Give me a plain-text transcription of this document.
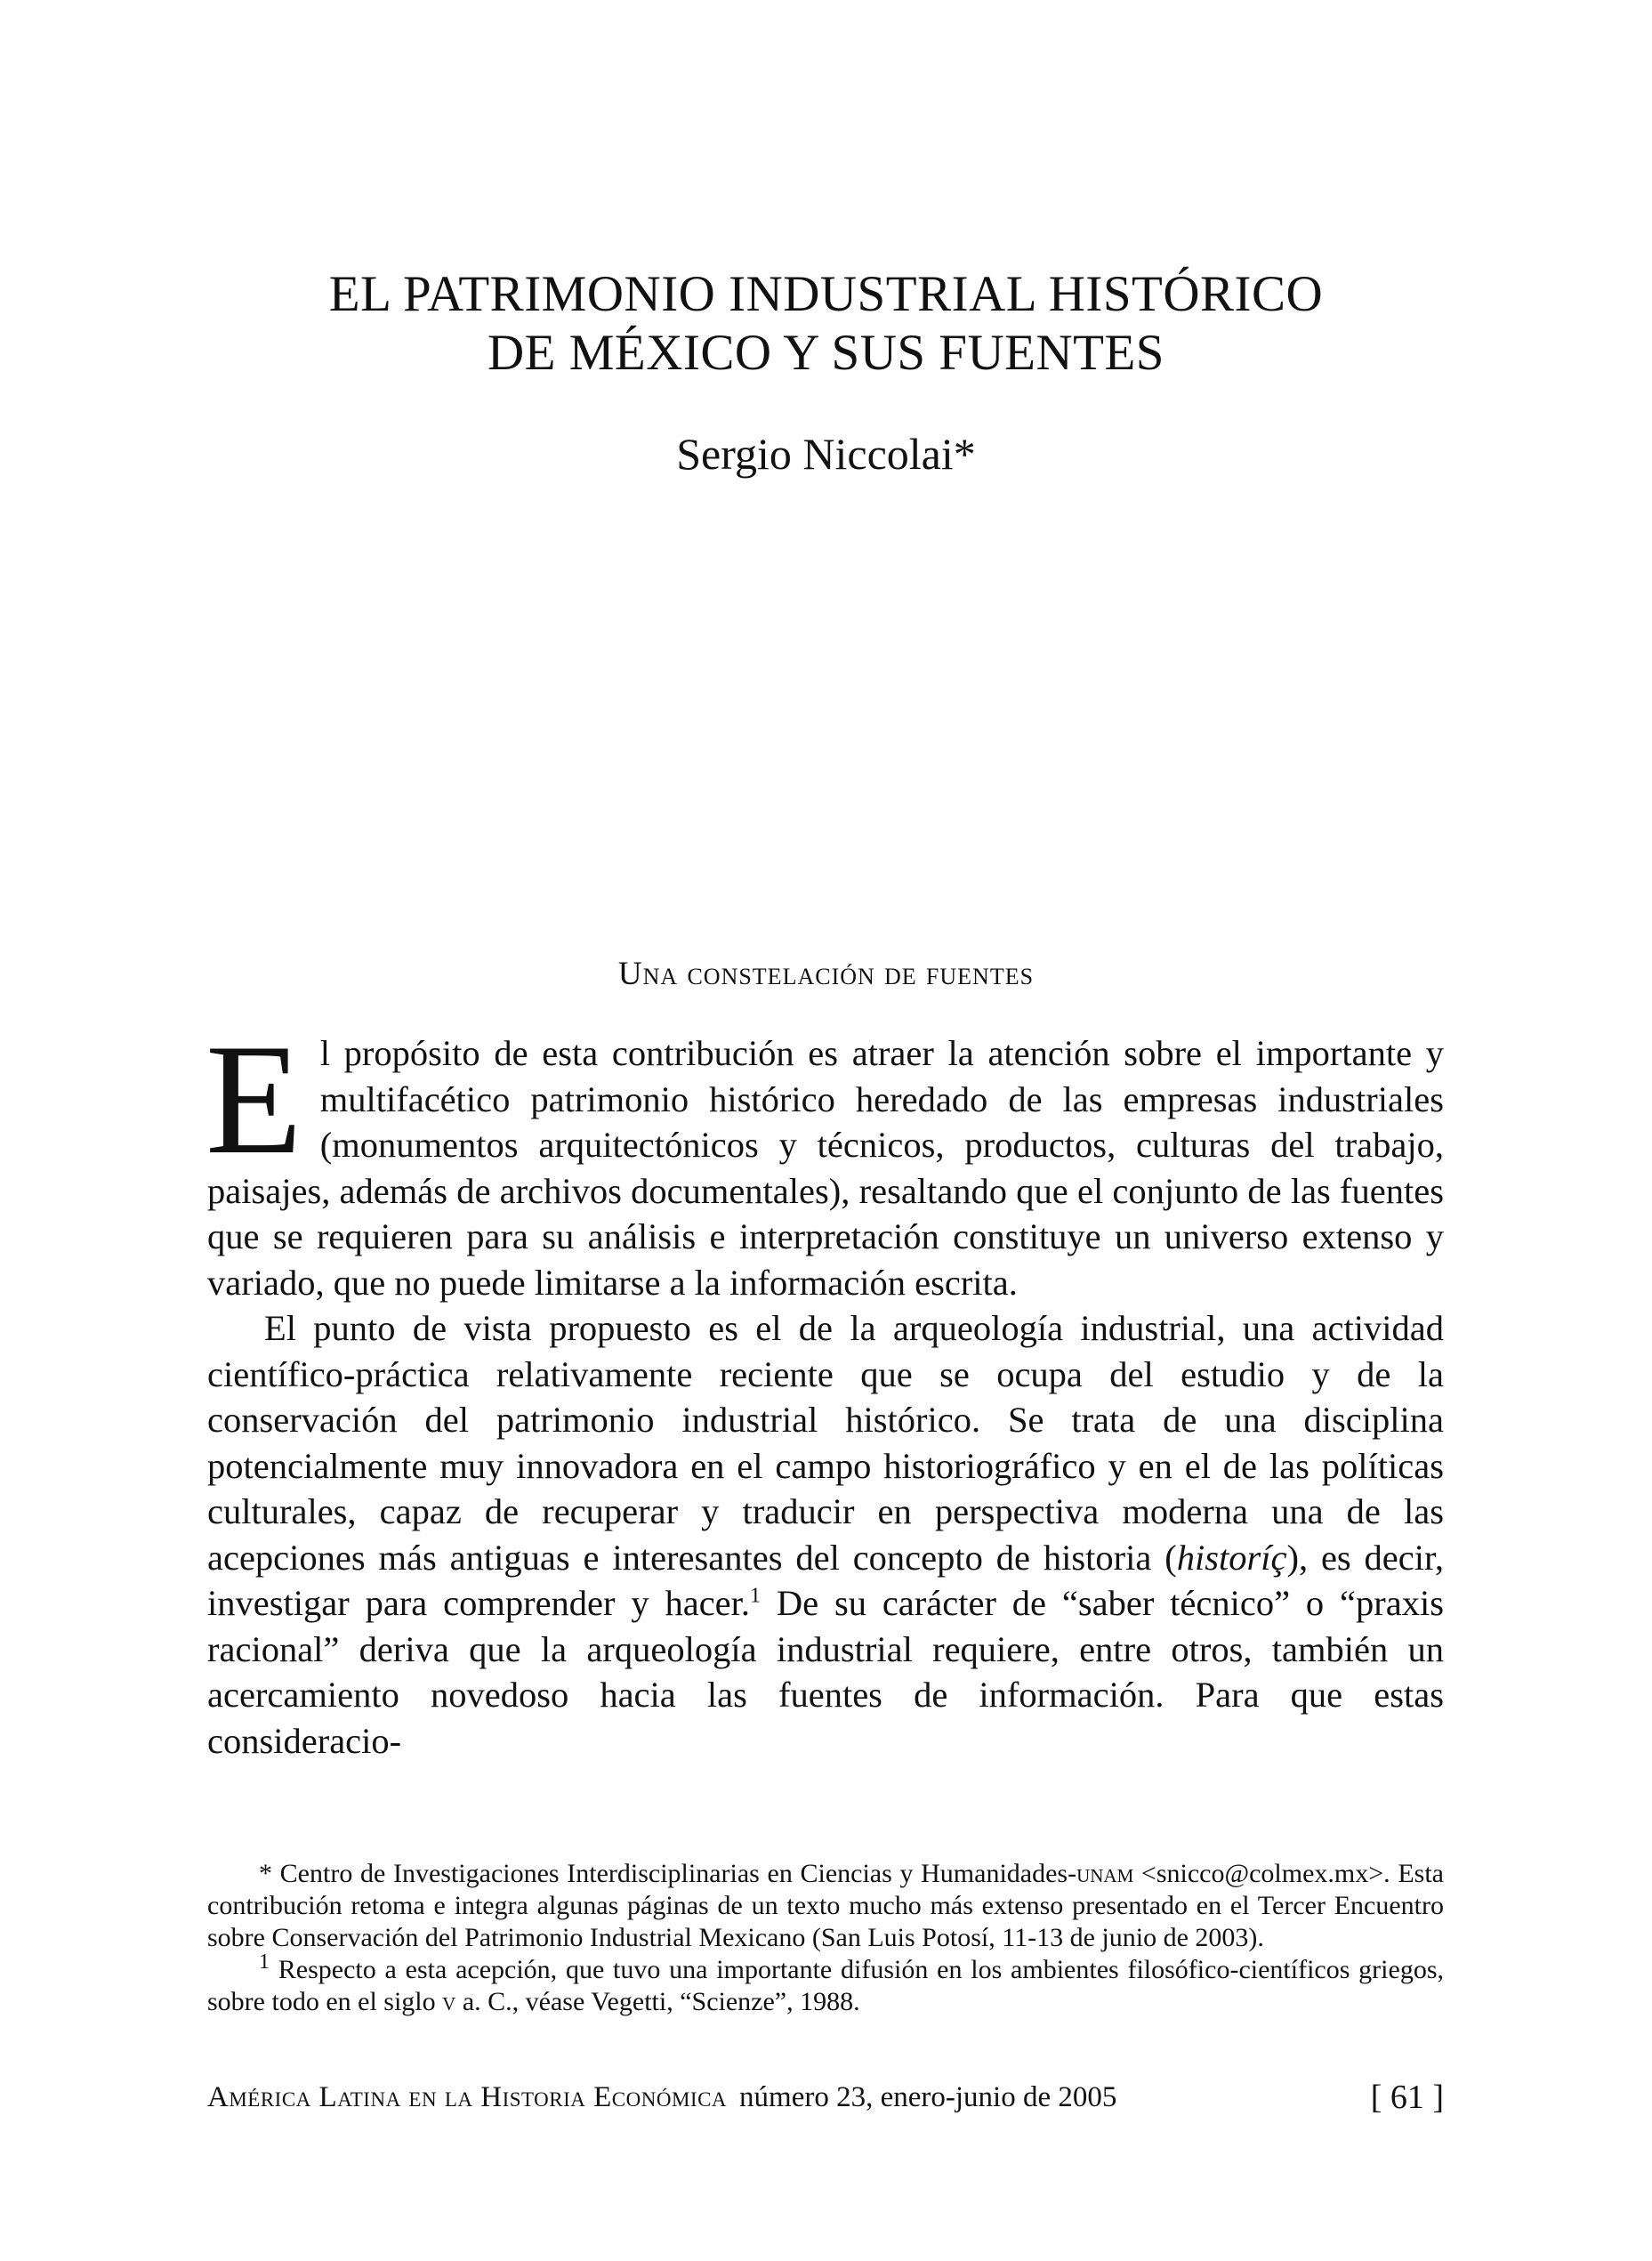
EL PATRIMONIO INDUSTRIAL HISTÓRICO
DE MÉXICO Y SUS FUENTES
Sergio Niccolai*
Una constelación de fuentes

El propósito de esta contribución es atraer la atención sobre el importante y multifacético patrimonio histórico heredado de las empresas industriales (monumentos arquitectónicos y técnicos, productos, culturas del trabajo, paisajes, además de archivos documentales), resaltando que el conjunto de las fuentes que se requieren para su análisis e interpretación constituye un universo extenso y variado, que no puede limitarse a la información escrita.

El punto de vista propuesto es el de la arqueología industrial, una actividad científico-práctica relativamente reciente que se ocupa del estudio y de la conservación del patrimonio industrial histórico. Se trata de una disciplina potencialmente muy innovadora en el campo historiográfico y en el de las políticas culturales, capaz de recuperar y traducir en perspectiva moderna una de las acepciones más antiguas e interesantes del concepto de historia (historíç), es decir, investigar para comprender y hacer.$^1$ De su carácter de “saber técnico” o “praxis racional” deriva que la arqueología industrial requiere, entre otros, también un acercamiento novedoso hacia las fuentes de información. Para que estas consideracio-

* Centro de Investigaciones Interdisciplinarias en Ciencias y Humanidades-unam <snicco@colmex.mx>. Esta contribución retoma e integra algunas páginas de un texto mucho más extenso presentado en el Tercer Encuentro sobre Conservación del Patrimonio Industrial Mexicano (San Luis Potosí, 11-13 de junio de 2003).

$^1$ Respecto a esta acepción, que tuvo una importante difusión en los ambientes filosófico-científicos griegos, sobre todo en el siglo v a. C., véase Vegetti, “Scienze”, 1988.

América Latina en la Historia Económica número 23, enero-junio de 2005	[ 61 ]
